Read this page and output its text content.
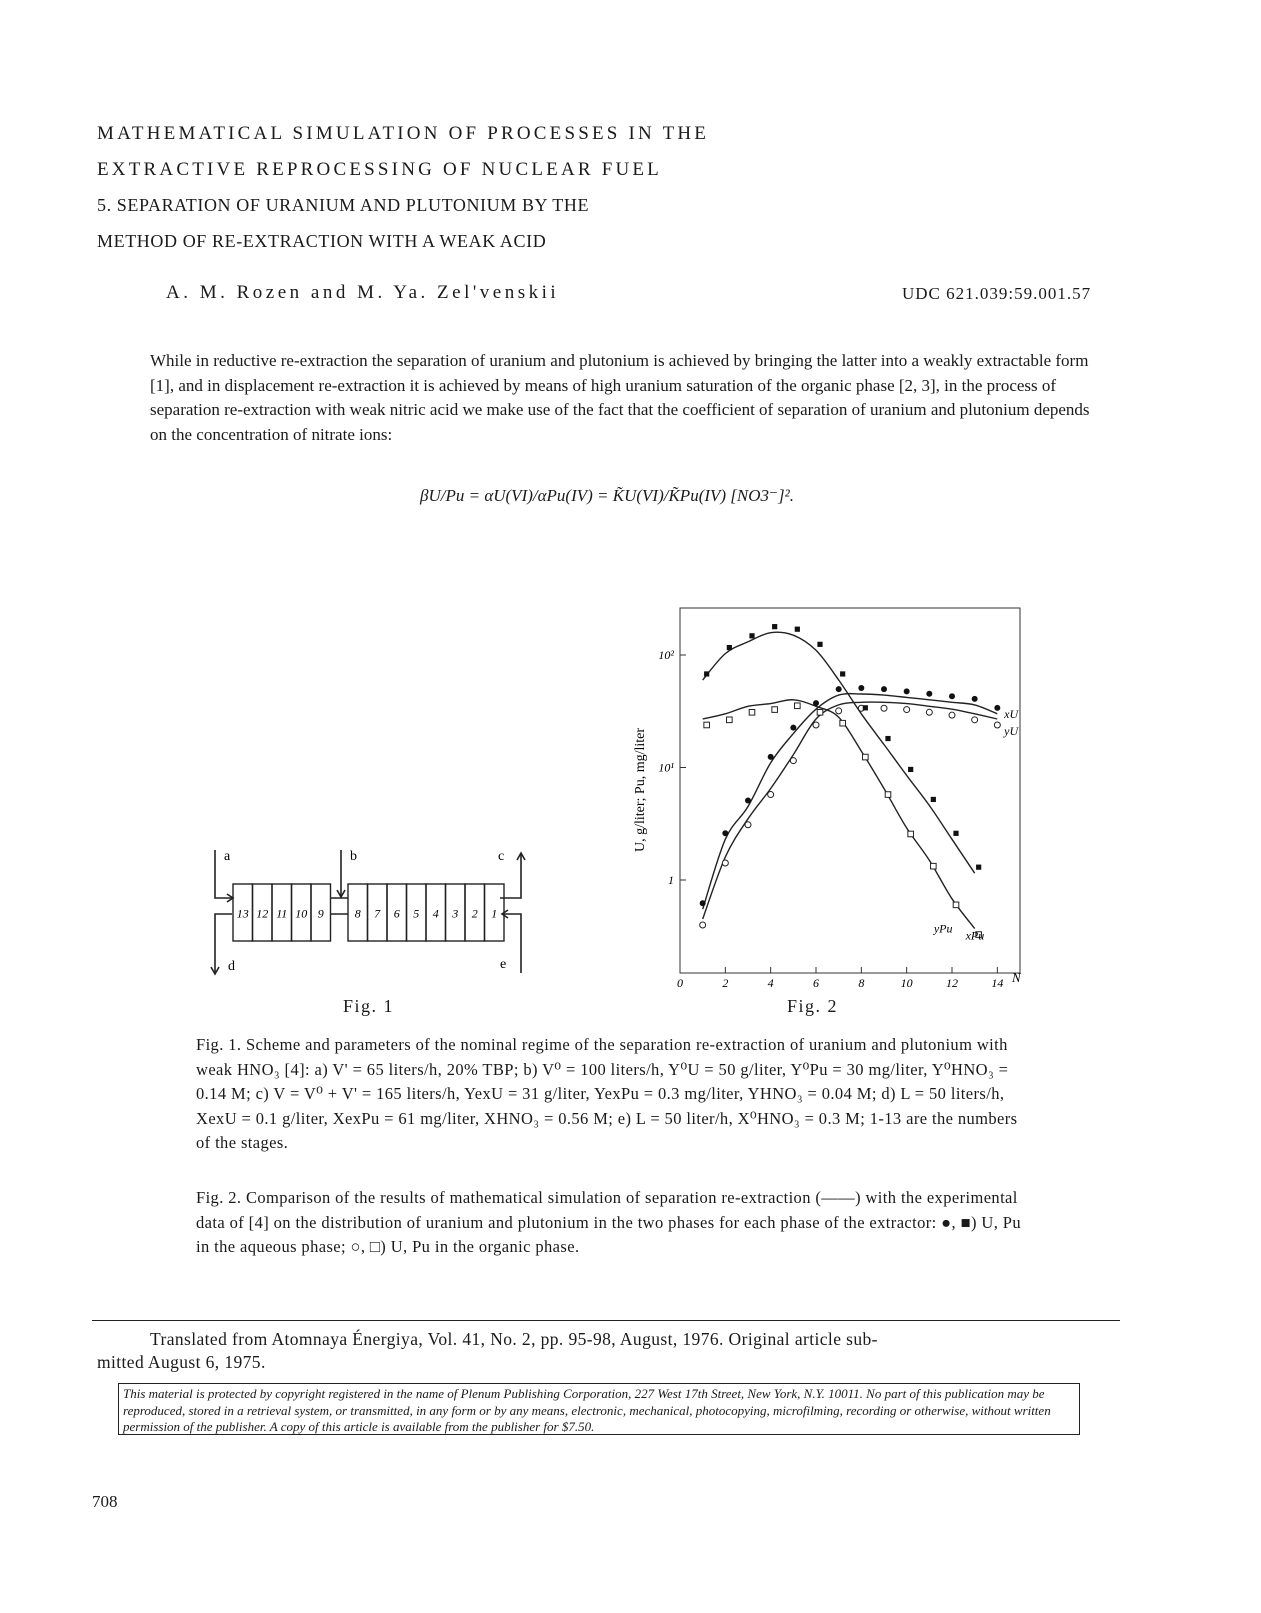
MATHEMATICAL SIMULATION OF PROCESSES IN THE
EXTRACTIVE REPROCESSING OF NUCLEAR FUEL
5. SEPARATION OF URANIUM AND PLUTONIUM BY THE
METHOD OF RE-EXTRACTION WITH A WEAK ACID
A. M. Rozen and M. Ya. Zel'venskii	UDC 621.039:59.001.57
While in reductive re-extraction the separation of uranium and plutonium is achieved by bringing the latter into a weakly extractable form [1], and in displacement re-extraction it is achieved by means of high uranium saturation of the organic phase [2, 3], in the process of separation re-extraction with weak nitric acid we make use of the fact that the coefficient of separation of uranium and plutonium depends on the concentration of nitrate ions:
βU/Pu = αU(VI)/αPu(IV) = K̃U(VI)/K̃Pu(IV) [NO3⁻]².
13 12 11 10 9	8 7 6 5 4 3 2 1
a	b	c
d	e
0	2	4	6	8	10	12	14
1
10¹
10²
xU
yU
yPu xPu
U, g/liter; Pu, mg/liter
N
Fig. 1	Fig. 2
Fig. 1. Scheme and parameters of the nominal regime of the separation re-extraction of uranium and plutonium with weak HNO₃ [4]: a) V' = 65 liters/h, 20% TBP; b) V⁰ = 100 liters/h, Y⁰U = 50 g/liter, Y⁰Pu = 30 mg/liter, Y⁰HNO₃ = 0.14 M; c) V = V⁰ + V' = 165 liters/h, YexU = 31 g/liter, YexPu = 0.3 mg/liter, YHNO₃ = 0.04 M; d) L = 50 liters/h, XexU = 0.1 g/liter, XexPu = 61 mg/liter, XHNO₃ = 0.56 M; e) L = 50 liter/h, X⁰HNO₃ = 0.3 M; 1-13 are the numbers of the stages.
Fig. 2. Comparison of the results of mathematical simulation of separation re-extraction (——) with the experimental data of [4] on the distribution of uranium and plutonium in the two phases for each phase of the extractor: ●, ■) U, Pu in the aqueous phase; ○, □) U, Pu in the organic phase.
Translated from Atomnaya Énergiya, Vol. 41, No. 2, pp. 95-98, August, 1976. Original article sub-
mitted August 6, 1975.
This material is protected by copyright registered in the name of Plenum Publishing Corporation, 227 West 17th Street, New York, N.Y. 10011. No part of this publication may be reproduced, stored in a retrieval system, or transmitted, in any form or by any means, electronic, mechanical, photocopying, microfilming, recording or otherwise, without written permission of the publisher. A copy of this article is available from the publisher for $7.50.
708
